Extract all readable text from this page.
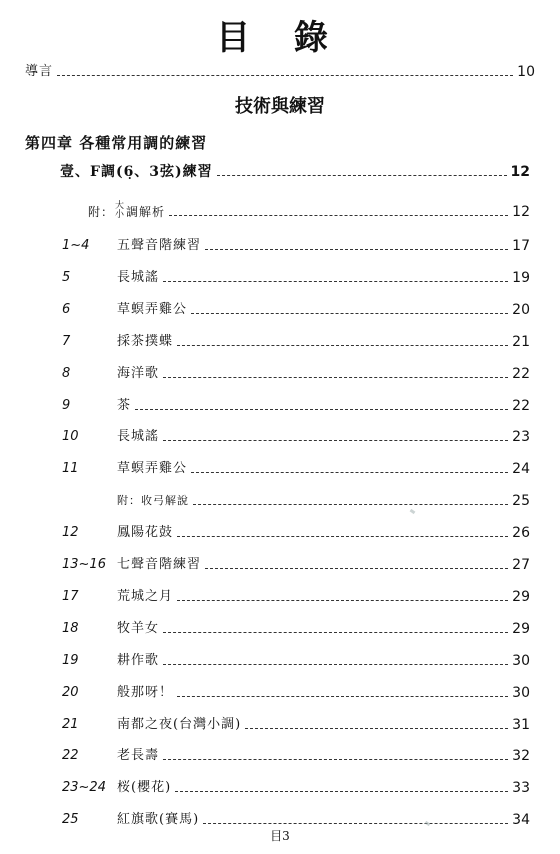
目 錄
導言	10
技術與練習
第四章 各種常用調的練習
壹、F調(6̣、3弦)練習	12
附： 大
小 調解析	12
1~4 五聲音階練習	17
5	長城謠	19
6	草螟弄雞公	20
7	採茶撲蝶	21
8	海洋歌	22
9	茶	22
10	長城謠	23
11	草螟弄雞公	24
附：收弓解說	25
12	鳳陽花鼓	26
13~16 七聲音階練習	27
17	荒城之月	29
18	牧羊女	29
19	耕作歌	30
20	般那呀！	30
21	南都之夜(台灣小調)	31
22	老長壽	32
23~24 桜(櫻花)	33
25	紅旗歌(賽馬)	34
目3
